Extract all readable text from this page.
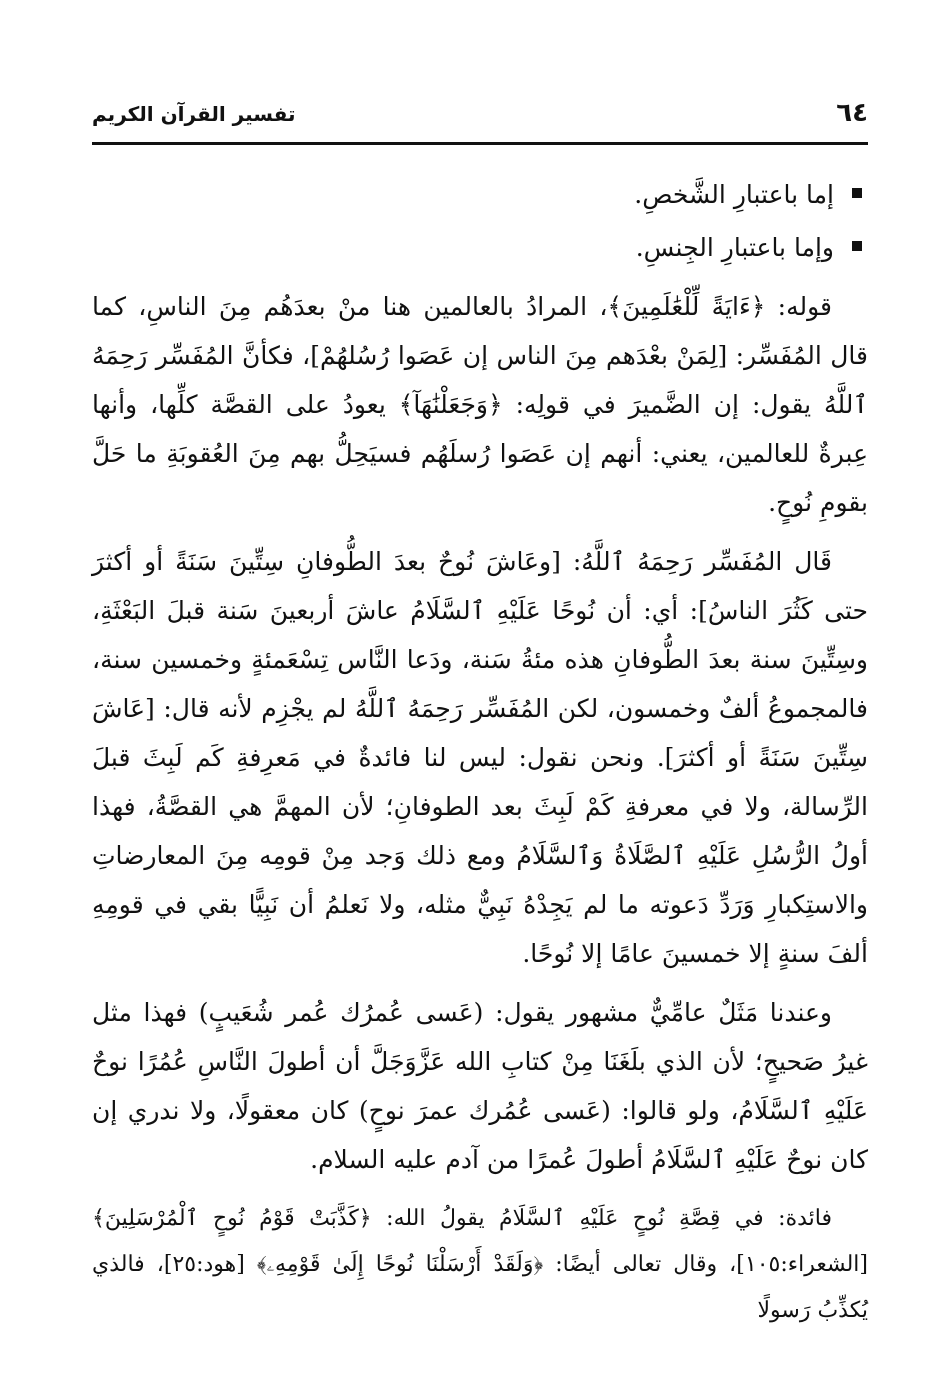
تفسير القرآن الكريم	٦٤
إما باعتبارِ الشَّخصِ.
وإما باعتبارِ الجِنسِ.

قوله: ﴿ءَايَةً لِّلْعَٰلَمِينَ﴾، المرادُ بالعالمين هنا منْ بعدَهُم مِنَ الناسِ، كما قال المُفَسِّر: [لِمَنْ بعْدَهم مِنَ الناس إن عَصَوا رُسُلهُمْ]، فكأنَّ المُفَسِّر رَحِمَهُ ٱللَّهُ يقول: إن الضَّميرَ في قولِه: ﴿وَجَعَلْنَٰهَآ﴾ يعودُ على القصَّة كلِّها، وأنها عِبرةٌ للعالمين، يعني: أنهم إن عَصَوا رُسلَهُم فسيَحِلُّ بهم مِنَ العُقوبَةِ ما حَلَّ بقومِ نُوحٍ.

قَال المُفَسِّر رَحِمَهُ ٱللَّهُ: [وعَاشَ نُوحٌ بعدَ الطُّوفانِ سِتِّينَ سَنَةً أو أكثرَ حتى كَثُرَ الناسُ]: أي: أن نُوحًا عَلَيْهِ ٱلسَّلَامُ عاشَ أربعينَ سَنة قبلَ البَعْثَةِ، وسِتِّينَ سنة بعدَ الطُّوفانِ هذه مئةُ سَنة، ودَعا النَّاس تِسْعَمئةٍ وخمسين سنة، فالمجموعُ ألفٌ وخمسون، لكن المُفَسِّر رَحِمَهُ ٱللَّهُ لم يجْزِم لأنه قال: [عَاشَ سِتِّينَ سَنَةً أو أكثرَ]. ونحن نقول: ليس لنا فائدةٌ في مَعرِفةِ كَم لَبِثَ قبلَ الرِّسالة، ولا في معرفةِ كَمْ لَبِثَ بعد الطوفانِ؛ لأن المهمَّ هي القصَّةُ، فهذا أولُ الرُّسُلِ عَلَيْهِ ٱلصَّلَاةُ وَٱلسَّلَامُ ومع ذلك وَجد مِنْ قومِه مِنَ المعارضاتِ والاستِكبارِ وَرَدِّ دَعوته ما لم يَجِدْهُ نَبِيٌّ مثله، ولا نَعلمُ أن نَبِيًّا بقي في قومِهِ ألفَ سنةٍ إلا خمسينَ عامًا إلا نُوحًا.

وعندنا مَثَلٌ عامِّيٌّ مشهور يقول: (عَسى عُمرُك عُمر شُعَيبٍ) فهذا مثل غيرُ صَحيحٍ؛ لأن الذي بلَغَنَا مِنْ كتابِ الله عَزَّوَجَلَّ أن أطولَ النَّاسِ عُمُرًا نوحٌ عَلَيْهِ ٱلسَّلَامُ، ولو قالوا: (عَسى عُمُرك عمرَ نوحٍ) كان معقولًا، ولا ندري إن كان نوحٌ عَلَيْهِ ٱلسَّلَامُ أطولَ عُمرًا من آدم عليه السلام.

فائدة: في قِصَّةِ نُوحٍ عَلَيْهِ ٱلسَّلَامُ يقولُ الله: ﴿كَذَّبَتْ قَوْمُ نُوحٍ ٱلْمُرْسَلِينَ﴾ [الشعراء:١٠٥]، وقال تعالى أيضًا: ﴿وَلَقَدْ أَرْسَلْنَا نُوحًا إِلَىٰ قَوْمِهِۦ﴾ [هود:٢٥]، فالذي يُكذِّبُ رَسولًا
